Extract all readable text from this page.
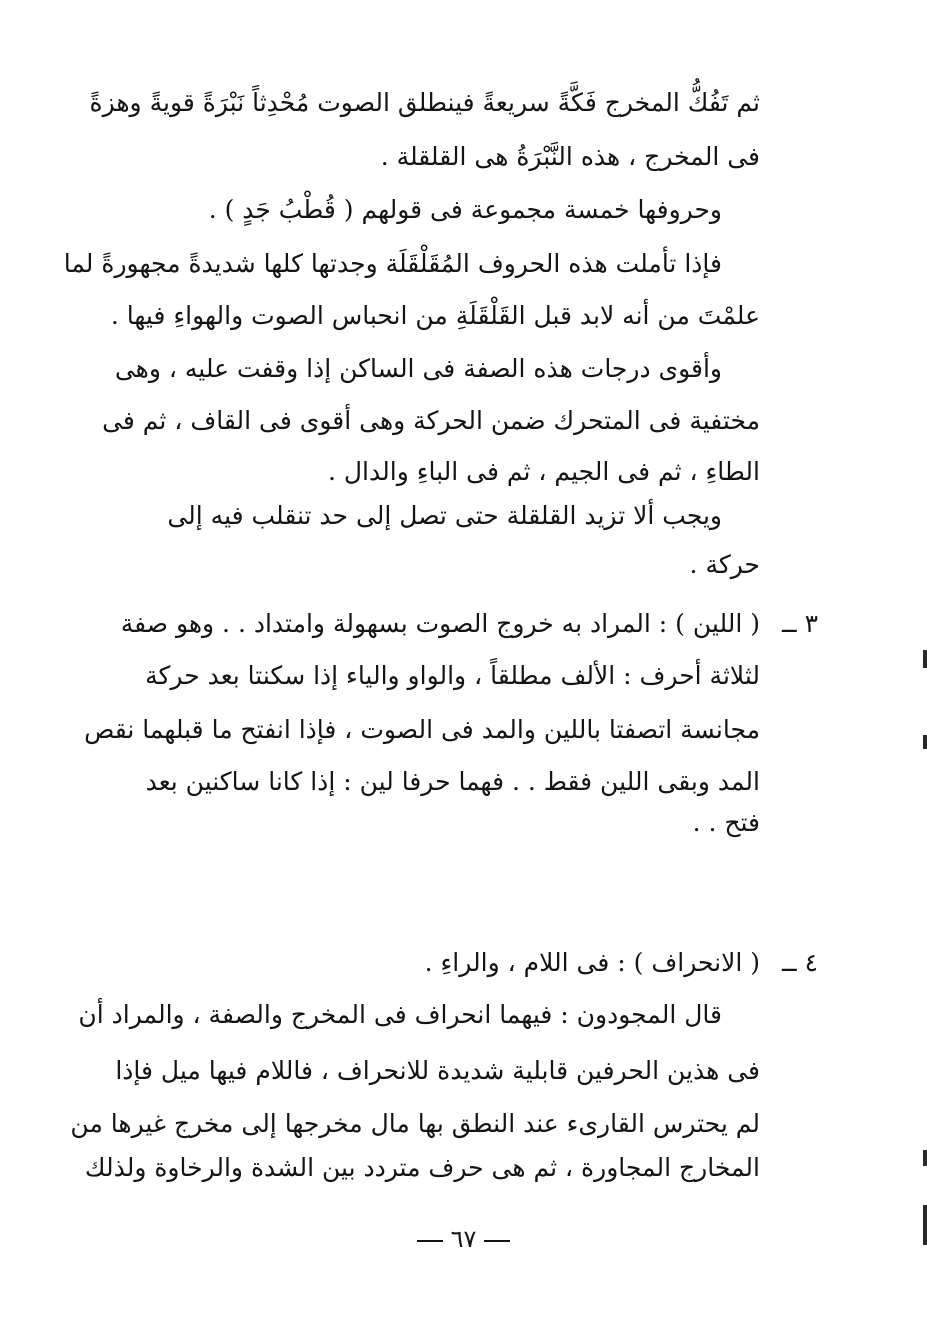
ثم تَفُكُّ المخرج فَكَّةً سريعةً فينطلق الصوت مُحْدِثاً نَبْرَةً قويةً وهزةً
فى المخرج ، هذه النَّبْرَةُ هى القلقلة .
وحروفها خمسة مجموعة فى قولهم ( قُطْبُ جَدٍ ) .
فإذا تأملت هذه الحروف المُقَلْقَلَة وجدتها كلها شديدةً مجهورةً لما
علمْتَ من أنه لابد قبل القَلْقَلَةِ من انحباس الصوت والهواءِ فيها .
وأقوى درجات هذه الصفة فى الساكن إذا وقفت عليه ، وهى
مختفية فى المتحرك ضمن الحركة وهى أقوى فى القاف ، ثم فى
الطاءِ ، ثم فى الجيم ، ثم فى الباءِ والدال .
ويجب ألا تزيد القلقلة حتى تصل إلى حد تنقلب فيه إلى
حركة .
٣ ــ
( اللين ) : المراد به خروج الصوت بسهولة وامتداد . . وهو صفة
لثلاثة أحرف : الألف مطلقاً ، والواو والياء إذا سكنتا بعد حركة
مجانسة اتصفتا باللين والمد فى الصوت ، فإذا انفتح ما قبلهما نقص
المد وبقى اللين فقط . . فهما حرفا لين : إذا كانا ساكنين بعد
فتح . .
٤ ــ
( الانحراف ) : فى اللام ، والراءِ .
قال المجودون : فيهما انحراف فى المخرج والصفة ، والمراد أن
فى هذين الحرفين قابلية شديدة للانحراف ، فاللام فيها ميل فإذا
لم يحترس القارىء عند النطق بها مال مخرجها إلى مخرج غيرها من
المخارج المجاورة ، ثم هى حرف متردد بين الشدة والرخاوة ولذلك
٦٧
